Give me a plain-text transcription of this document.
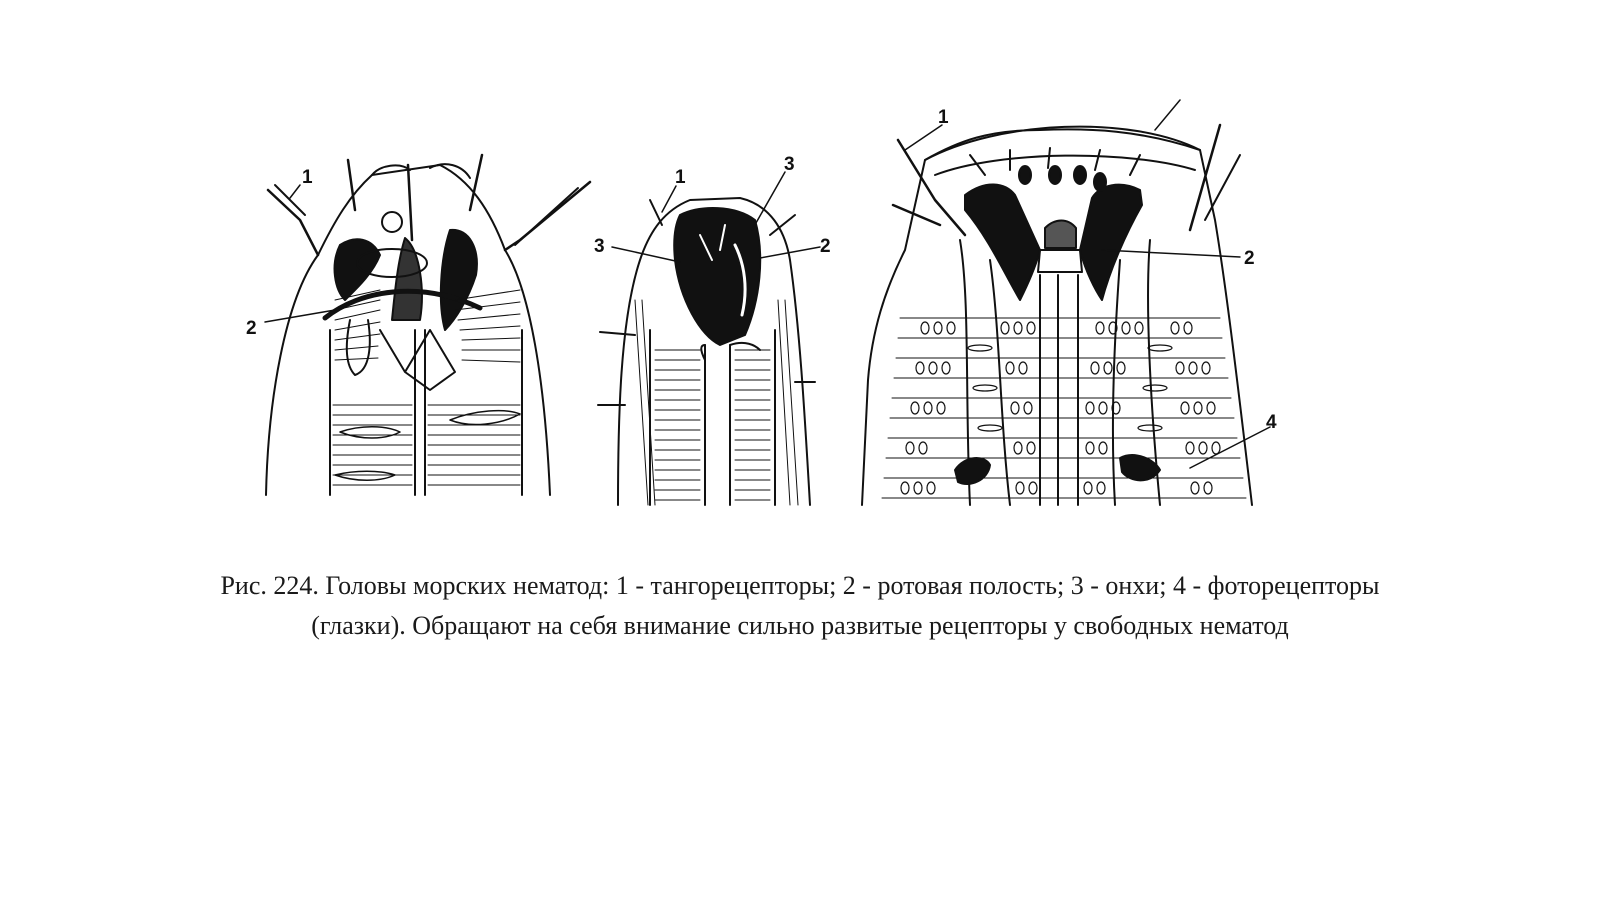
1
2
1
3
3	2
1
2
4

Рис. 224. Головы морских нематод: 1 - тангорецепторы; 2 - ротовая полость; 3 - онхи; 4 - фоторецепторы (глазки). Обращают на себя внимание сильно развитые рецепторы у свободных нематод
